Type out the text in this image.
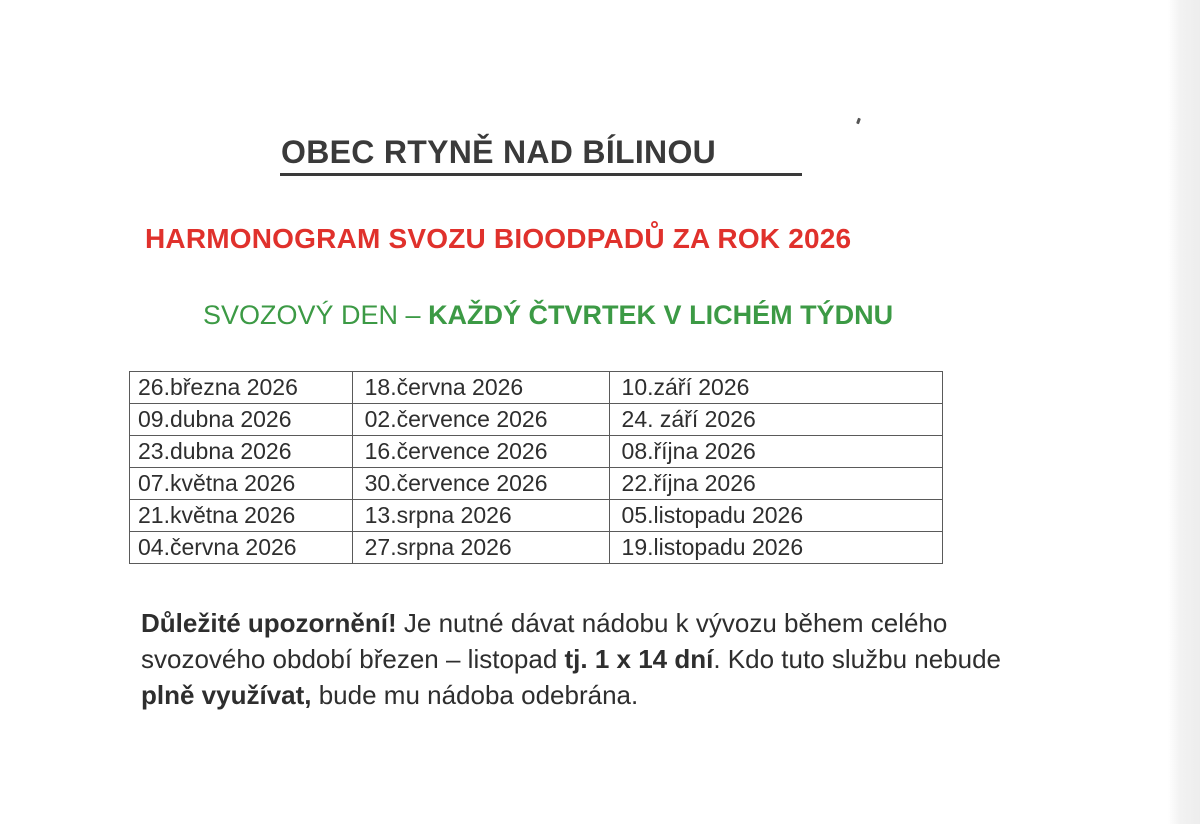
OBEC RTYNĚ NAD BÍLINOU
HARMONOGRAM SVOZU BIOODPADŮ ZA ROK 2026

SVOZOVÝ DEN – KAŽDÝ ČTVRTEK V LICHÉM TÝDNU

26.března 2026	18.června 2026	10.září 2026
09.dubna 2026	02.července 2026	24. září 2026
23.dubna 2026	16.července 2026	08.října 2026
07.května 2026	30.července 2026	22.října 2026
21.května 2026	13.srpna 2026	05.listopadu 2026
04.června 2026	27.srpna 2026	19.listopadu 2026

Důležité upozornění! Je nutné dávat nádobu k vývozu během celého svozového období březen – listopad tj. 1 x 14 dní. Kdo tuto službu nebude plně využívat, bude mu nádoba odebrána.
